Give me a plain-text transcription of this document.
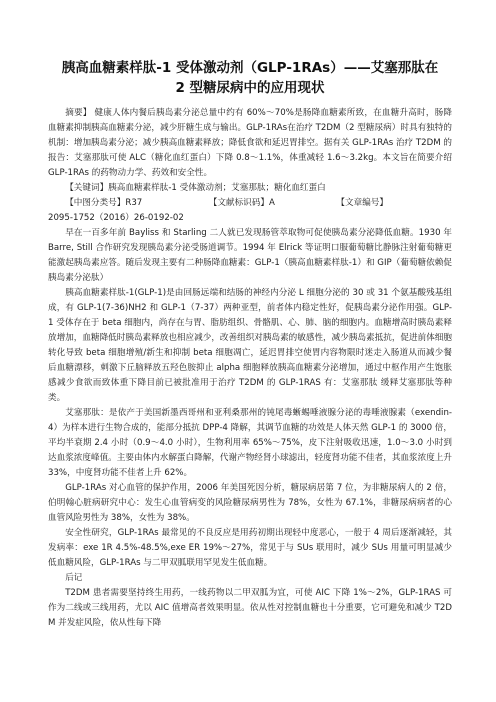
胰高血糖素样肽-1 受体激动剂（GLP-1RAs）——艾塞那肽在
2 型糖尿病中的应用现状

摘要】 健康人体内餐后胰岛素分泌总量中约有 60%～70%是肠降血糖素所致，在血糖升高时，肠降血糖素抑制胰高血糖素分泌，减少肝糖生成与输出。GLP-1RAs在治疗 T2DM（2 型糖尿病）时具有独特的机制：增加胰岛素分泌；减少胰高血糖素释放；降低食欲和延迟胃排空。据有关 GLP-1RAs 治疗 T2DM 的报告：艾塞那肽可使 ALC（糖化血红蛋白）下降 0.8～1.1%，体重减轻 1.6～3.2kg。本文旨在简要介绍 GLP-1RAs 的药物动力学、药效和安全性。

【关键词】胰高血糖素样肽-1 受体激动剂；艾塞那肽；糖化血红蛋白

【中图分类号】R37	【文献标识码】A	【文章编号】

2095-1752（2016）26-0192-02

早在一百多年前 Bayliss 和 Starling 二人就已发现肠管萃取物可促使胰岛素分泌降低血糖。1930 年 Barre, Still 合作研究发现胰岛素分泌受肠道调节。1994 年 Elrick 等证明口服葡萄糖比静脉注射葡萄糖更能激起胰岛素应答。随后发现主要有二种肠降血糖素：GLP-1（胰高血糖素样肽-1）和 GIP（葡萄糖依赖促胰岛素分泌肽）

胰高血糖素样肽-1(GLP-1)是由回肠远端和结肠的神经内分泌 L 细胞分泌的 30 或 31 个氨基酸残基组成，有 GLP-1(7-36)NH2 和 GLP-1（7-37）两种亚型，前者体内稳定性好，促胰岛素分泌作用强。GLP-1 受体存在于 beta 细胞内，尚存在与胃、脂肪组织、骨骼肌、心、肺、脑的细胞内。血糖增高时胰岛素释放增加，血糖降低时胰岛素释放也相应减少，改善组织对胰岛素的敏感性，减少胰岛素抵抗，促进前体细胞转化导致 beta 细胞增殖/新生和抑制 beta 细胞凋亡，延迟胃排空使胃内容物限时迷走入肠道从而减少餐后血糖漂移，刺激下丘脑释放五羟色胺抑止 alpha 细胞释放胰高血糖素分泌增加，通过中枢作用产生饱胀感减少食欲而致体重下降目前已被批准用于治疗 T2DM 的 GLP-1RAS 有：艾塞那肽 缓释艾塞那肽等种类。

艾塞那肽：是依产于美国新墨西哥州和亚利桑那州的钝尾毒蜥蜴唾液腺分泌的毒唾液腺素（exendin-4）为样本进行生物合成的，能部分抵抗 DPP-4 降解，其调节血糖的功效是人体天然 GLP-1 的 3000 倍，平均半衰期 2.4 小时（0.9～4.0 小时），生物利用率 65%～75%，皮下注射吸收迅速，1.0～3.0 小时到达血浆浓度峰值。主要由体内水解蛋白降解，代谢产物经肾小球滤出，轻度肾功能不佳者，其血浆浓度上升 33%，中度肾功能不佳者上升 62%。

GLP-1RAs 对心血管的保护作用，2006 年美国死因分析，糖尿病居第 7 位，为非糖尿病人的 2 倍，伯明翰心脏病研究中心：发生心血管病变的风险糖尿病男性为 78%，女性为 67.1%，非糖尿病病者的心血管风险男性为 38%，女性为 38%。

安全性研究，GLP-1RAs 最常见的不良反应是用药初期出现轻中度恶心，一般于 4 周后逐渐减轻，其发病率：exe 1R 4.5%-48.5%,exe ER 19%～27%，常见于与 SUs 联用时，减少 SUs 用量可明显减少低血糖风险，GLP-1RAs 与二甲双胍联用罕见发生低血糖。

后记

T2DM 患者需要坚持终生用药，一线药物以二甲双胍为宜，可使 AIC 下降 1%～2%，GLP-1RAS 可作为二线或三线用药，尤以 AIC 值增高者效果明显。依从性对控制血糖也十分重要，它可避免和减少 T2DM 并发症风险，依从性每下降
